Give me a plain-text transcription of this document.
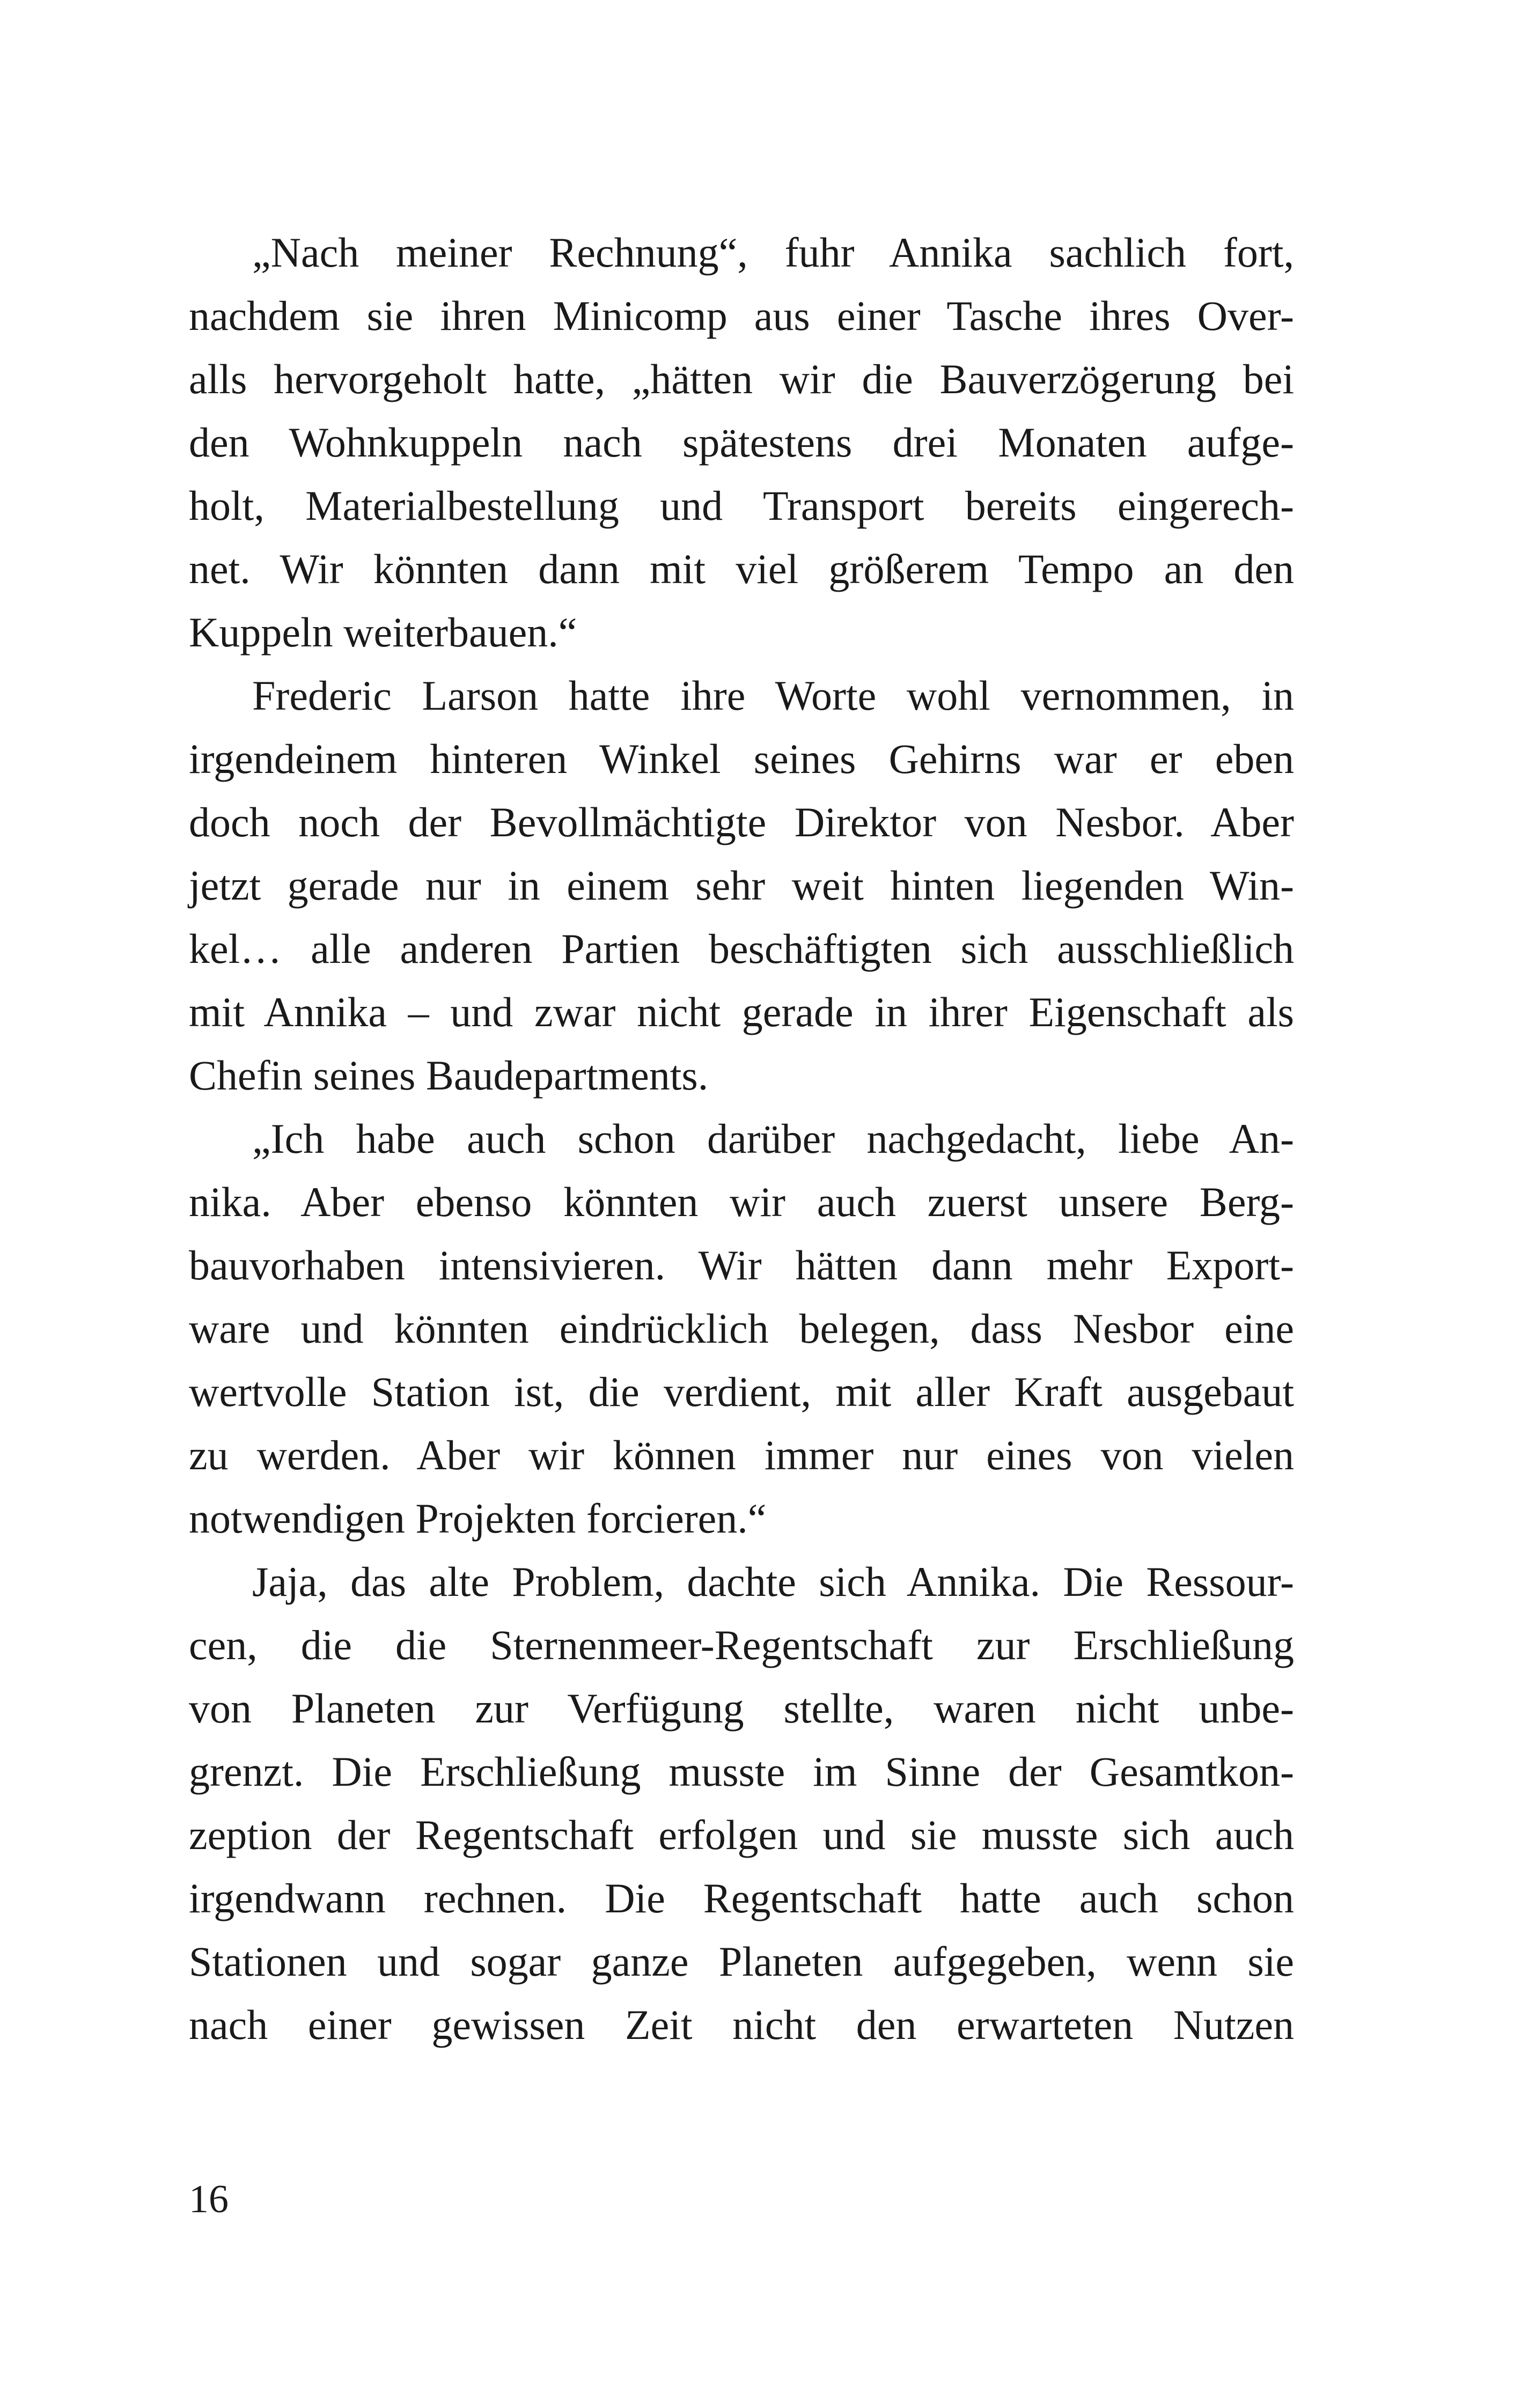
„Nach meiner Rechnung“, fuhr Annika sachlich fort,
nachdem sie ihren Minicomp aus einer Tasche ihres Over-
alls hervorgeholt hatte, „hätten wir die Bauverzögerung bei
den Wohnkuppeln nach spätestens drei Monaten aufge-
holt, Materialbestellung und Transport bereits eingerech-
net. Wir könnten dann mit viel größerem Tempo an den
Kuppeln weiterbauen.“
Frederic Larson hatte ihre Worte wohl vernommen, in
irgendeinem hinteren Winkel seines Gehirns war er eben
doch noch der Bevollmächtigte Direktor von Nesbor. Aber
jetzt gerade nur in einem sehr weit hinten liegenden Win-
kel… alle anderen Partien beschäftigten sich ausschließlich
mit Annika – und zwar nicht gerade in ihrer Eigenschaft als
Chefin seines Baudepartments.
„Ich habe auch schon darüber nachgedacht, liebe An-
nika. Aber ebenso könnten wir auch zuerst unsere Berg-
bauvorhaben intensivieren. Wir hätten dann mehr Export-
ware und könnten eindrücklich belegen, dass Nesbor eine
wertvolle Station ist, die verdient, mit aller Kraft ausgebaut
zu werden. Aber wir können immer nur eines von vielen
notwendigen Projekten forcieren.“
Jaja, das alte Problem, dachte sich Annika. Die Ressour-
cen, die die Sternenmeer-Regentschaft zur Erschließung
von Planeten zur Verfügung stellte, waren nicht unbe-
grenzt. Die Erschließung musste im Sinne der Gesamtkon-
zeption der Regentschaft erfolgen und sie musste sich auch
irgendwann rechnen. Die Regentschaft hatte auch schon
Stationen und sogar ganze Planeten aufgegeben, wenn sie
nach einer gewissen Zeit nicht den erwarteten Nutzen
16
